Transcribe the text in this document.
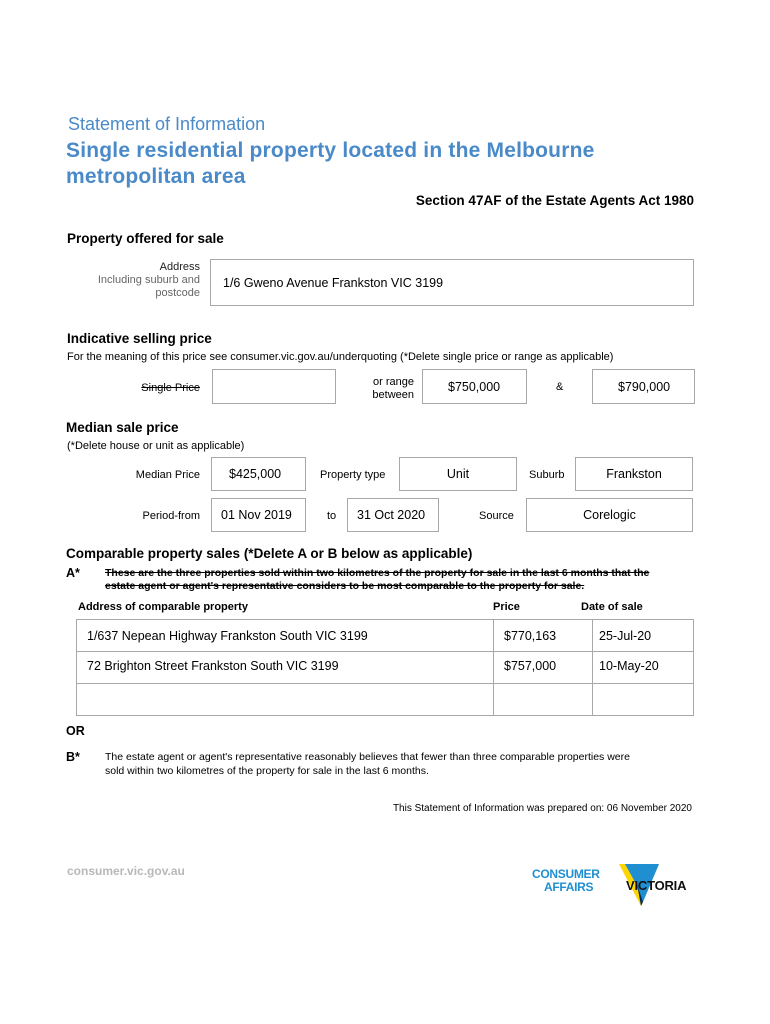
Statement of Information
Single residential property located in the Melbourne
metropolitan area
Section 47AF of the Estate Agents Act 1980
Property offered for sale
Address
Including suburb and
postcode
1/6 Gweno Avenue Frankston VIC 3199
Indicative selling price
For the meaning of this price see consumer.vic.gov.au/underquoting (*Delete single price or range as applicable)
Single Price	or range
between
$750,000	&	$790,000
Median sale price
(*Delete house or unit as applicable)
Median Price $425,000	Property type	Unit	Suburb	Frankston
Period-from 01 Nov 2019	to 31 Oct 2020	Source	Corelogic
Comparable property sales (*Delete A or B below as applicable)
A* These are the three properties sold within two kilometres of the property for sale in the last 6 months that the
estate agent or agent's representative considers to be most comparable to the property for sale.
Address of comparable property	Price	Date of sale
1/637 Nepean Highway Frankston South VIC 3199	$770,163	25-Jul-20
72 Brighton Street Frankston South VIC 3199	$757,000	10-May-20

OR
B* The estate agent or agent's representative reasonably believes that fewer than three comparable properties were
sold within two kilometres of the property for sale in the last 6 months.
This Statement of Information was prepared on: 06 November 2020
consumer.vic.gov.au	CONSUMER
AFFAIRS	VICTORIA
